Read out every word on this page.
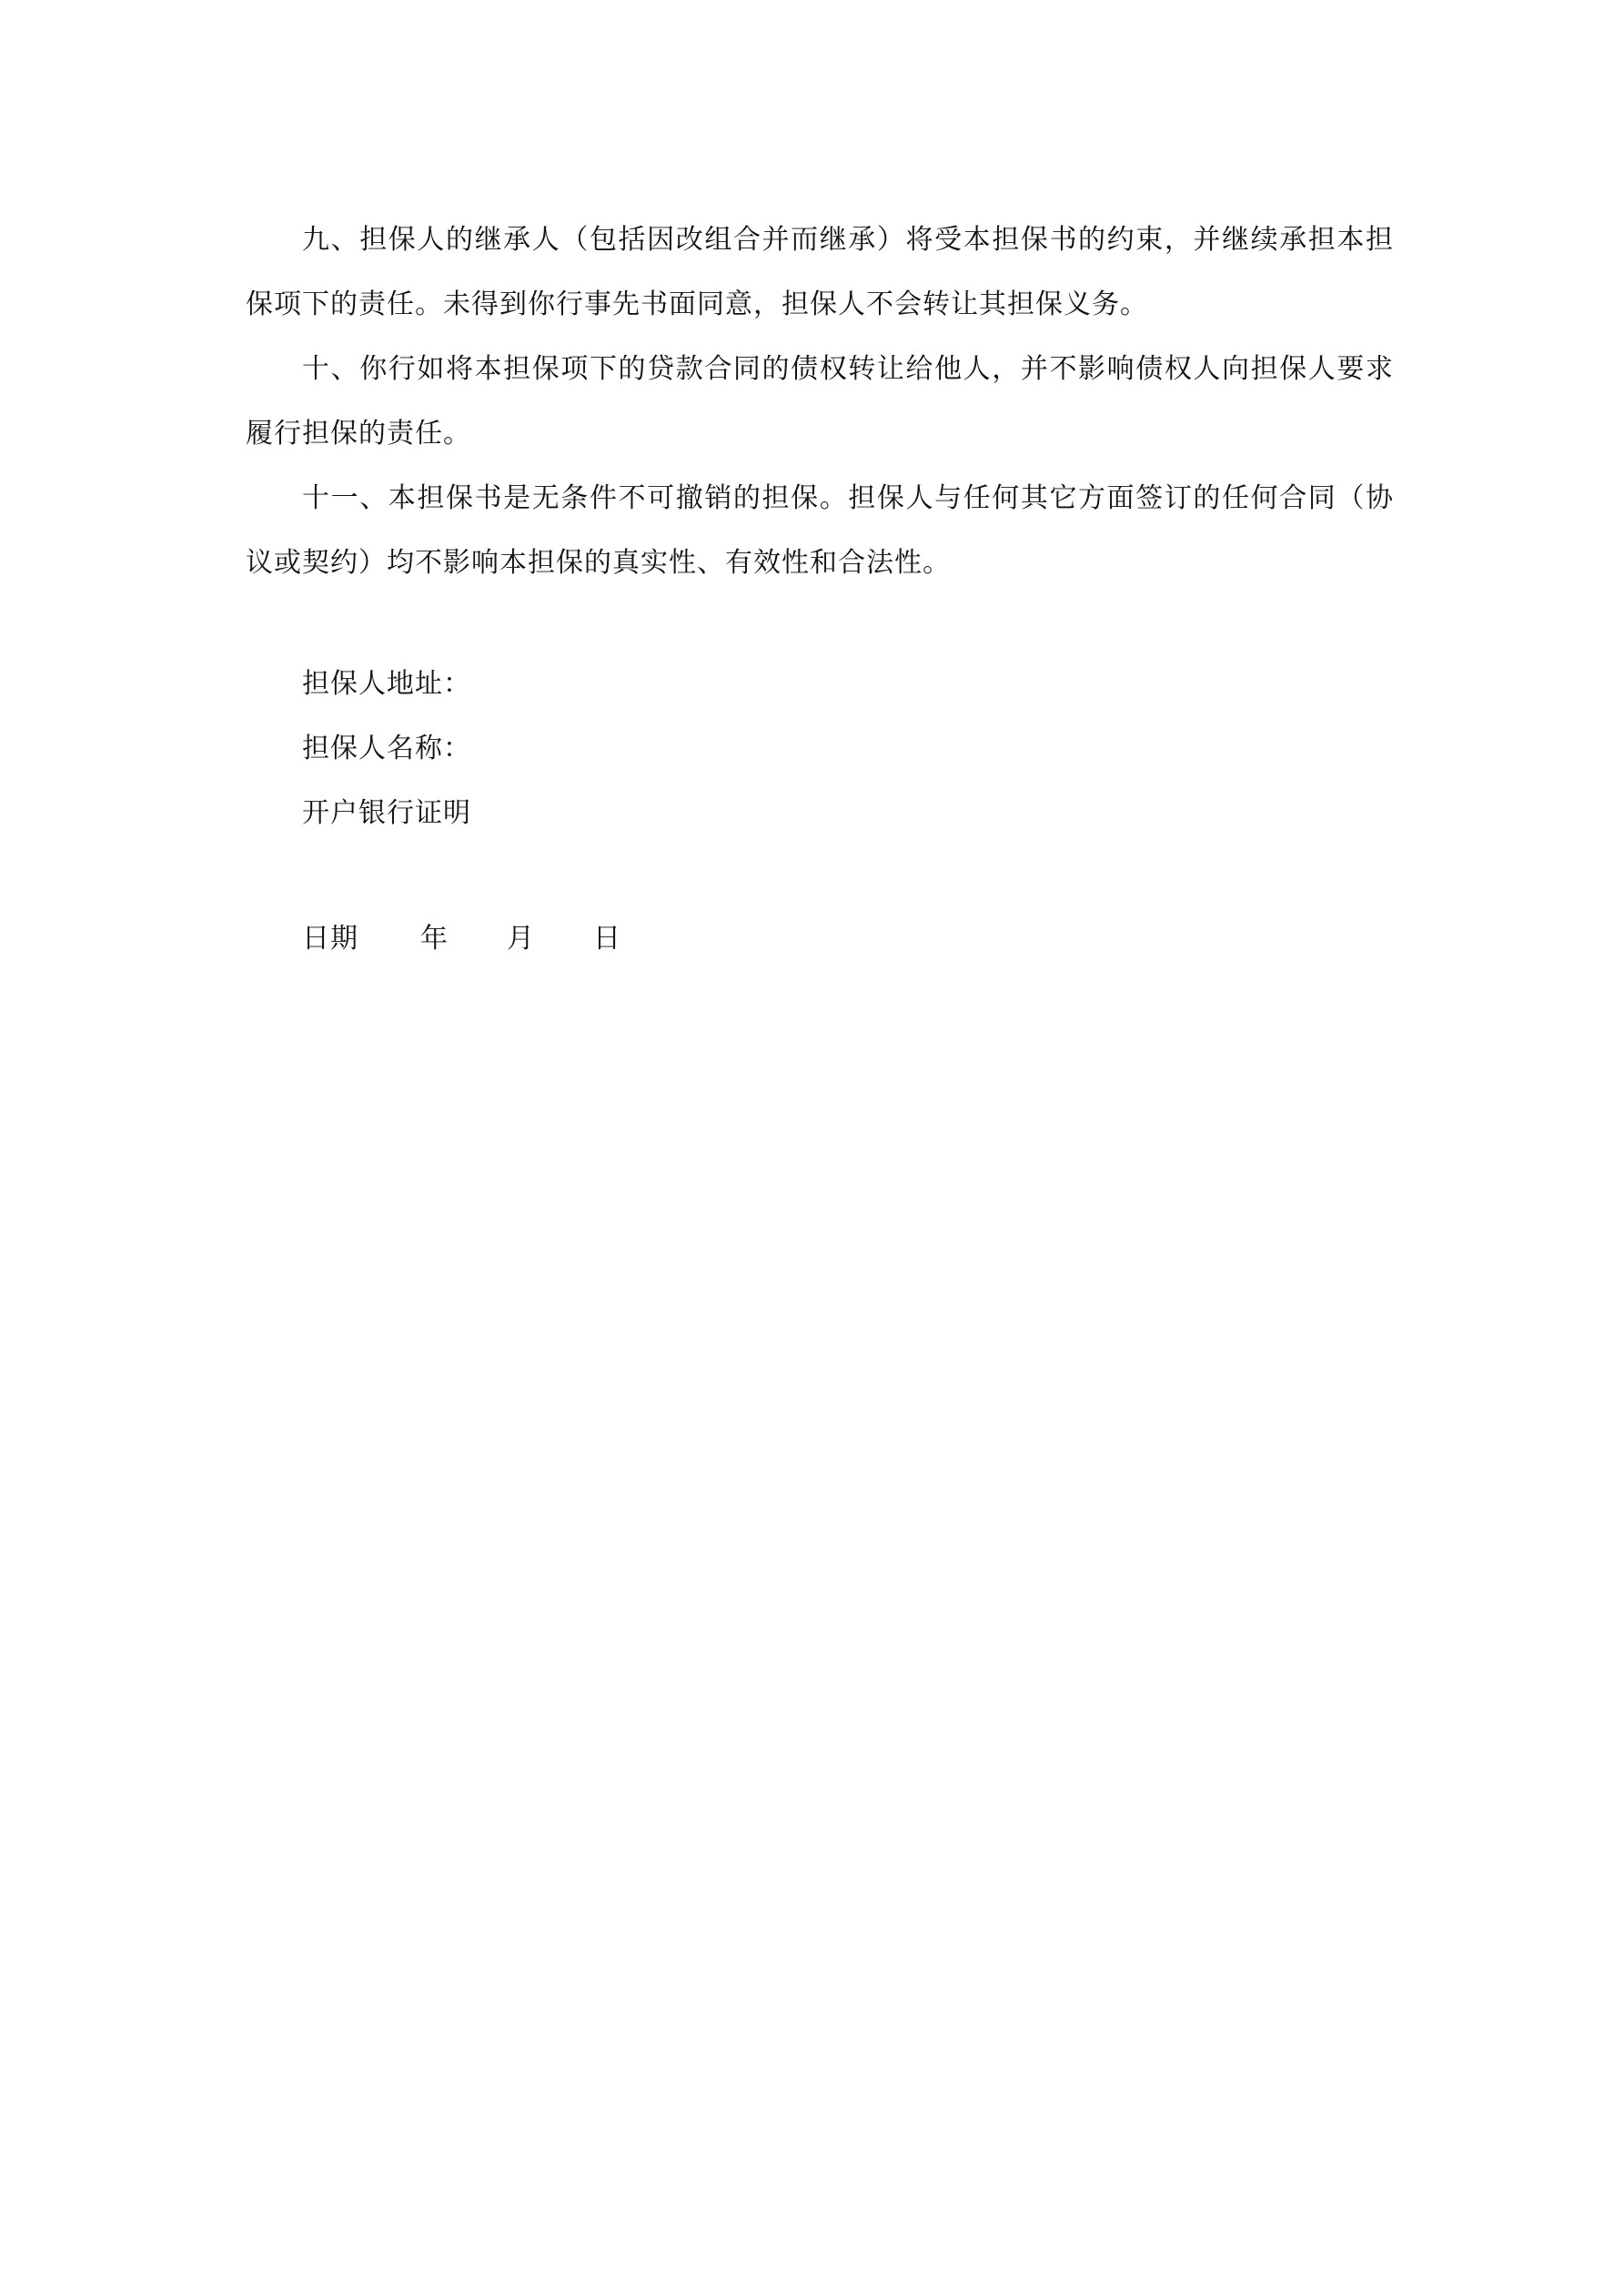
九、担保人的继承人（包括因改组合并而继承）将受本担保书的约束，并继续承担本担保项下的责任。未得到你行事先书面同意，担保人不会转让其担保义务。

十、你行如将本担保项下的贷款合同的债权转让给他人，并不影响债权人向担保人要求履行担保的责任。

十一、本担保书是无条件不可撤销的担保。担保人与任何其它方面签订的任何合同（协议或契约）均不影响本担保的真实性、有效性和合法性。

担保人地址：

担保人名称：

开户银行证明

日期	年	月	日
